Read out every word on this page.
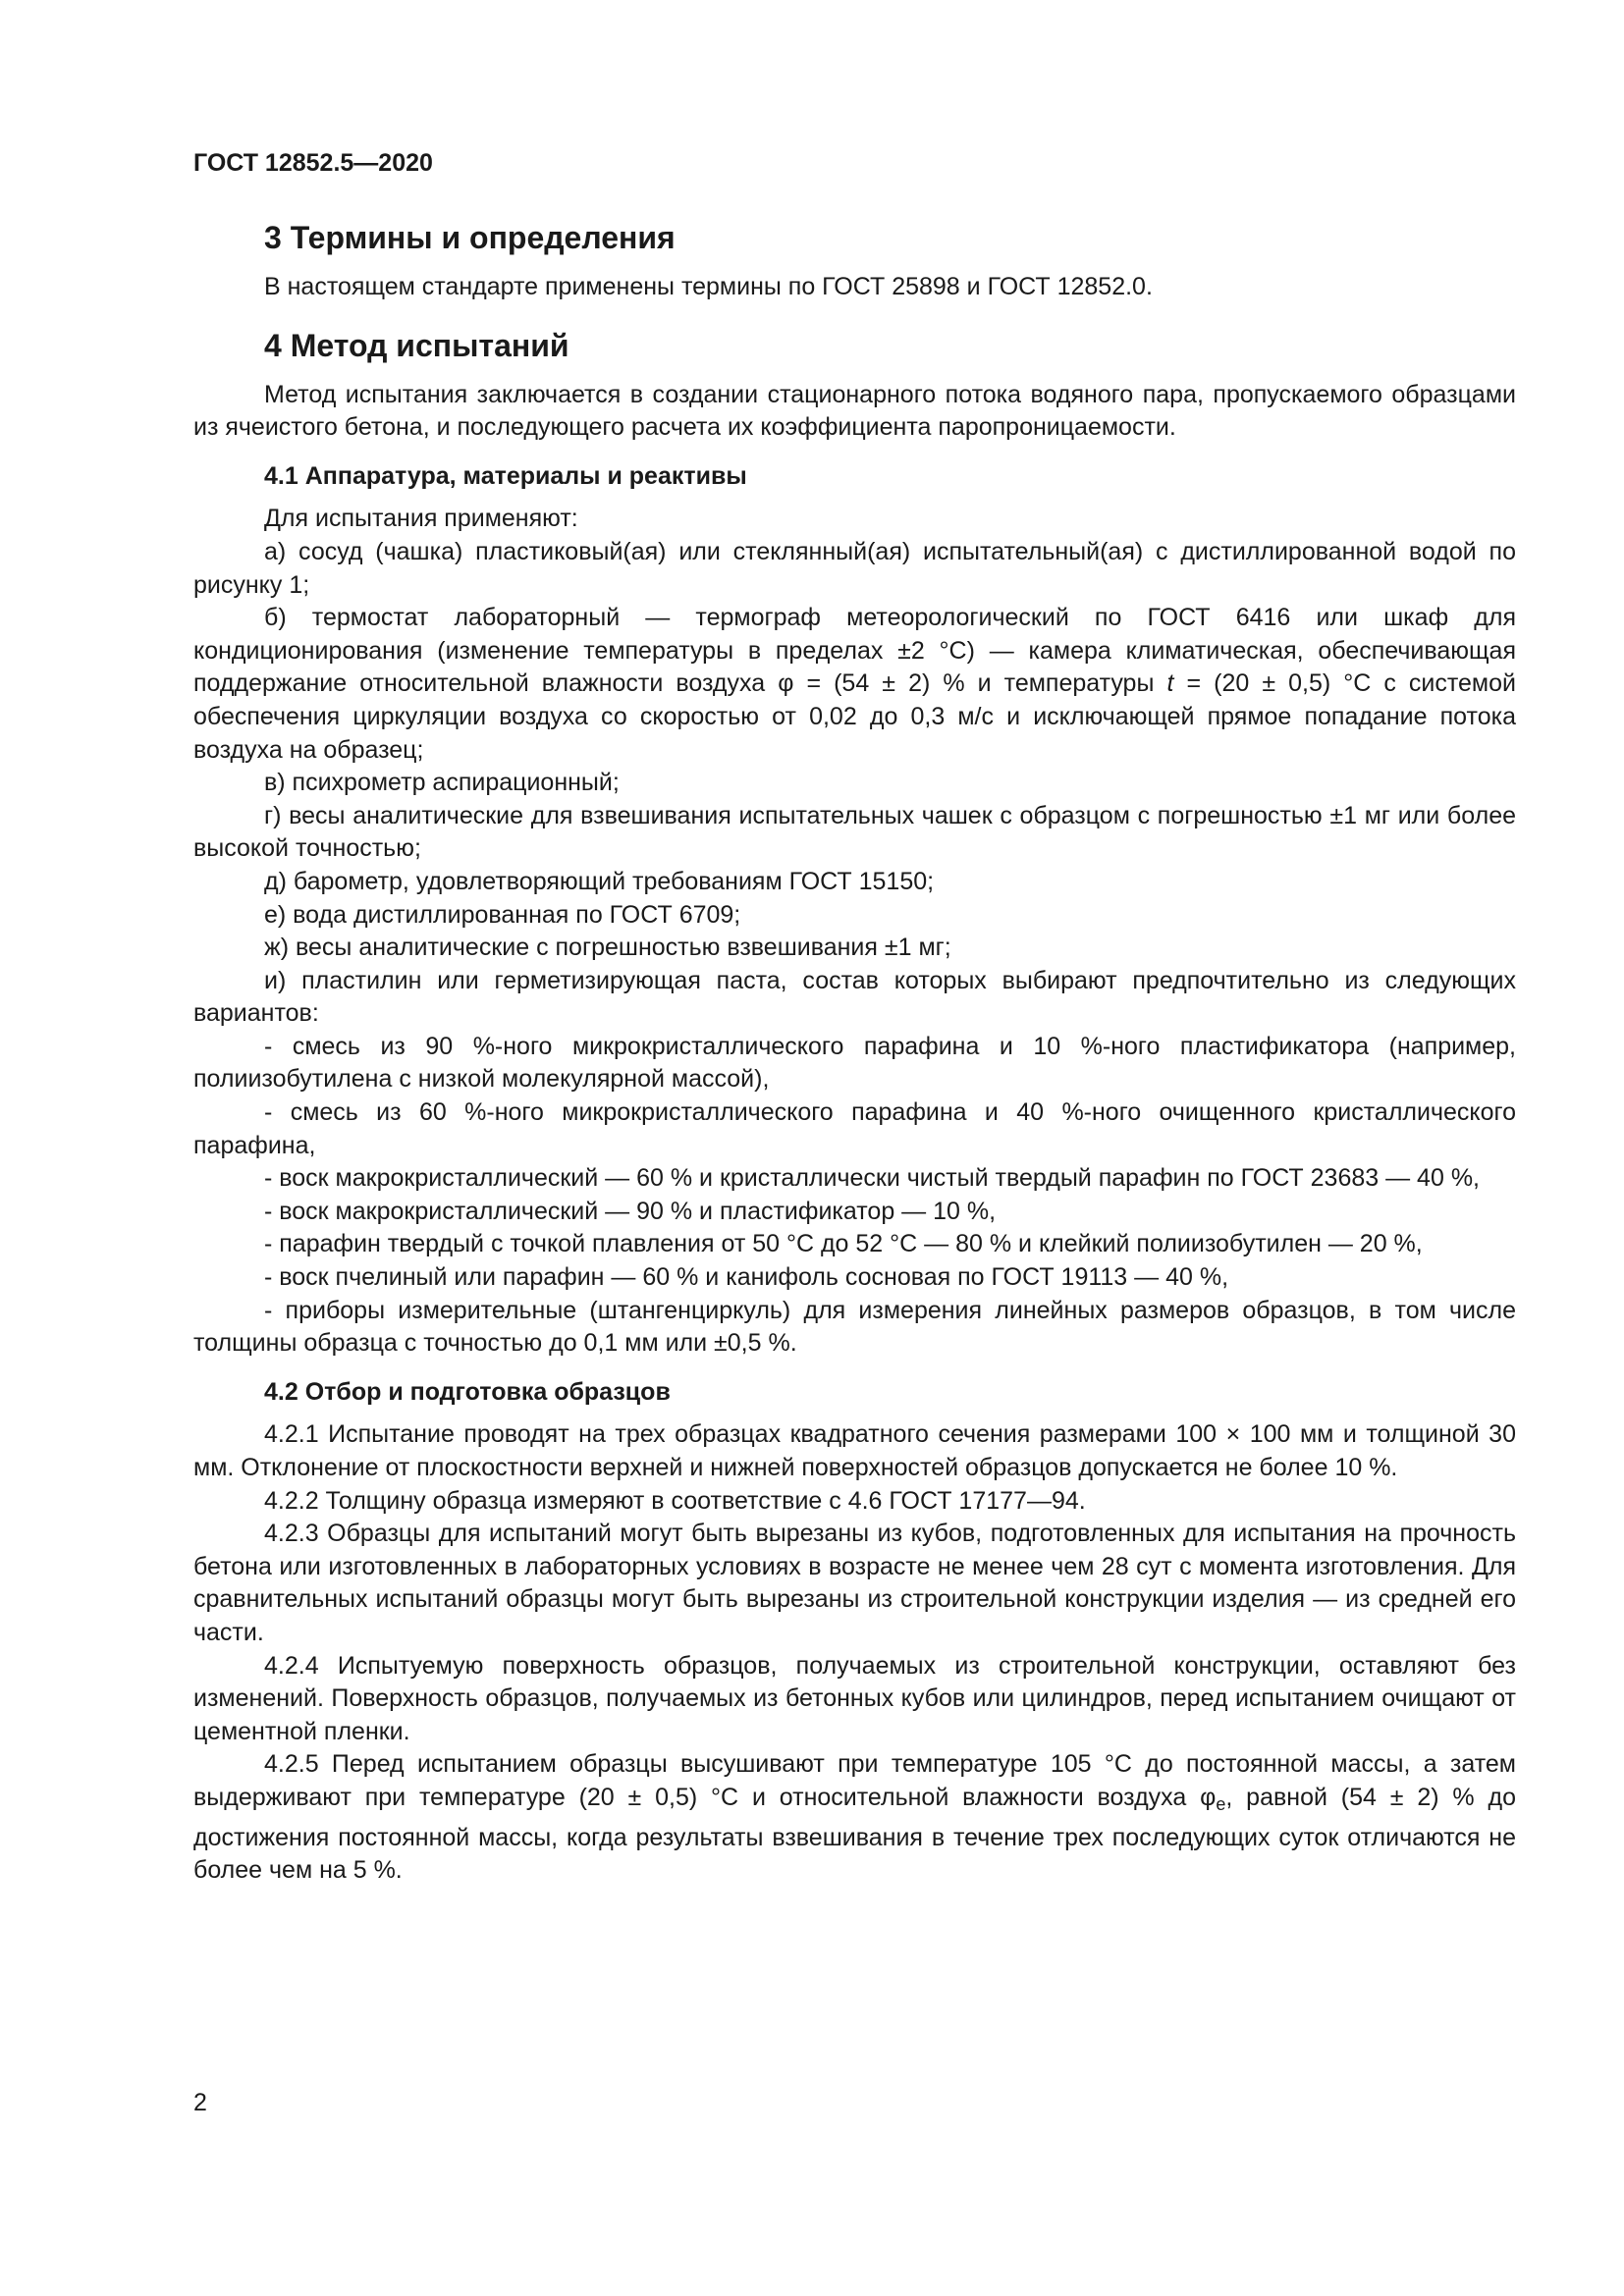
ГОСТ 12852.5—2020
3 Термины и определения

В настоящем стандарте применены термины по ГОСТ 25898 и ГОСТ 12852.0.

4 Метод испытаний

Метод испытания заключается в создании стационарного потока водяного пара, пропускаемого образцами из ячеистого бетона, и последующего расчета их коэффициента паропроницаемости.

4.1 Аппаратура, материалы и реактивы

Для испытания применяют:

а) сосуд (чашка) пластиковый(ая) или стеклянный(ая) испытательный(ая) с дистиллированной водой по рисунку 1;

б) термостат лабораторный — термограф метеорологический по ГОСТ 6416 или шкаф для кондиционирования (изменение температуры в пределах ±2 °С) — камера климатическая, обеспечивающая поддержание относительной влажности воздуха φ = (54 ± 2) % и температуры t = (20 ± 0,5) °С с системой обеспечения циркуляции воздуха со скоростью от 0,02 до 0,3 м/с и исключающей прямое попадание потока воздуха на образец;

в) психрометр аспирационный;

г) весы аналитические для взвешивания испытательных чашек с образцом с погрешностью ±1 мг или более высокой точностью;

д) барометр, удовлетворяющий требованиям ГОСТ 15150;

е) вода дистиллированная по ГОСТ 6709;

ж) весы аналитические с погрешностью взвешивания ±1 мг;

и) пластилин или герметизирующая паста, состав которых выбирают предпочтительно из следующих вариантов:

- смесь из 90 %-ного микрокристаллического парафина и 10 %-ного пластификатора (например, полиизобутилена с низкой молекулярной массой),

- смесь из 60 %-ного микрокристаллического парафина и 40 %-ного очищенного кристаллического парафина,

- воск макрокристаллический — 60 % и кристаллически чистый твердый парафин по ГОСТ 23683 — 40 %,

- воск макрокристаллический — 90 % и пластификатор — 10 %,

- парафин твердый с точкой плавления от 50 °С до 52 °С — 80 % и клейкий полиизобутилен — 20 %,

- воск пчелиный или парафин — 60 % и канифоль сосновая по ГОСТ 19113 — 40 %,

- приборы измерительные (штангенциркуль) для измерения линейных размеров образцов, в том числе толщины образца с точностью до 0,1 мм или ±0,5 %.

4.2 Отбор и подготовка образцов

4.2.1 Испытание проводят на трех образцах квадратного сечения размерами 100 × 100 мм и толщиной 30 мм. Отклонение от плоскостности верхней и нижней поверхностей образцов допускается не более 10 %.

4.2.2 Толщину образца измеряют в соответствие с 4.6 ГОСТ 17177—94.

4.2.3 Образцы для испытаний могут быть вырезаны из кубов, подготовленных для испытания на прочность бетона или изготовленных в лабораторных условиях в возрасте не менее чем 28 сут с момента изготовления. Для сравнительных испытаний образцы могут быть вырезаны из строительной конструкции изделия — из средней его части.

4.2.4 Испытуемую поверхность образцов, получаемых из строительной конструкции, оставляют без изменений. Поверхность образцов, получаемых из бетонных кубов или цилиндров, перед испытанием очищают от цементной пленки.

4.2.5 Перед испытанием образцы высушивают при температуре 105 °С до постоянной массы, а затем выдерживают при температуре (20 ± 0,5) °С и относительной влажности воздуха $\varphi_e$, равной (54 ± 2) % до достижения постоянной массы, когда результаты взвешивания в течение трех последующих суток отличаются не более чем на 5 %.

2
